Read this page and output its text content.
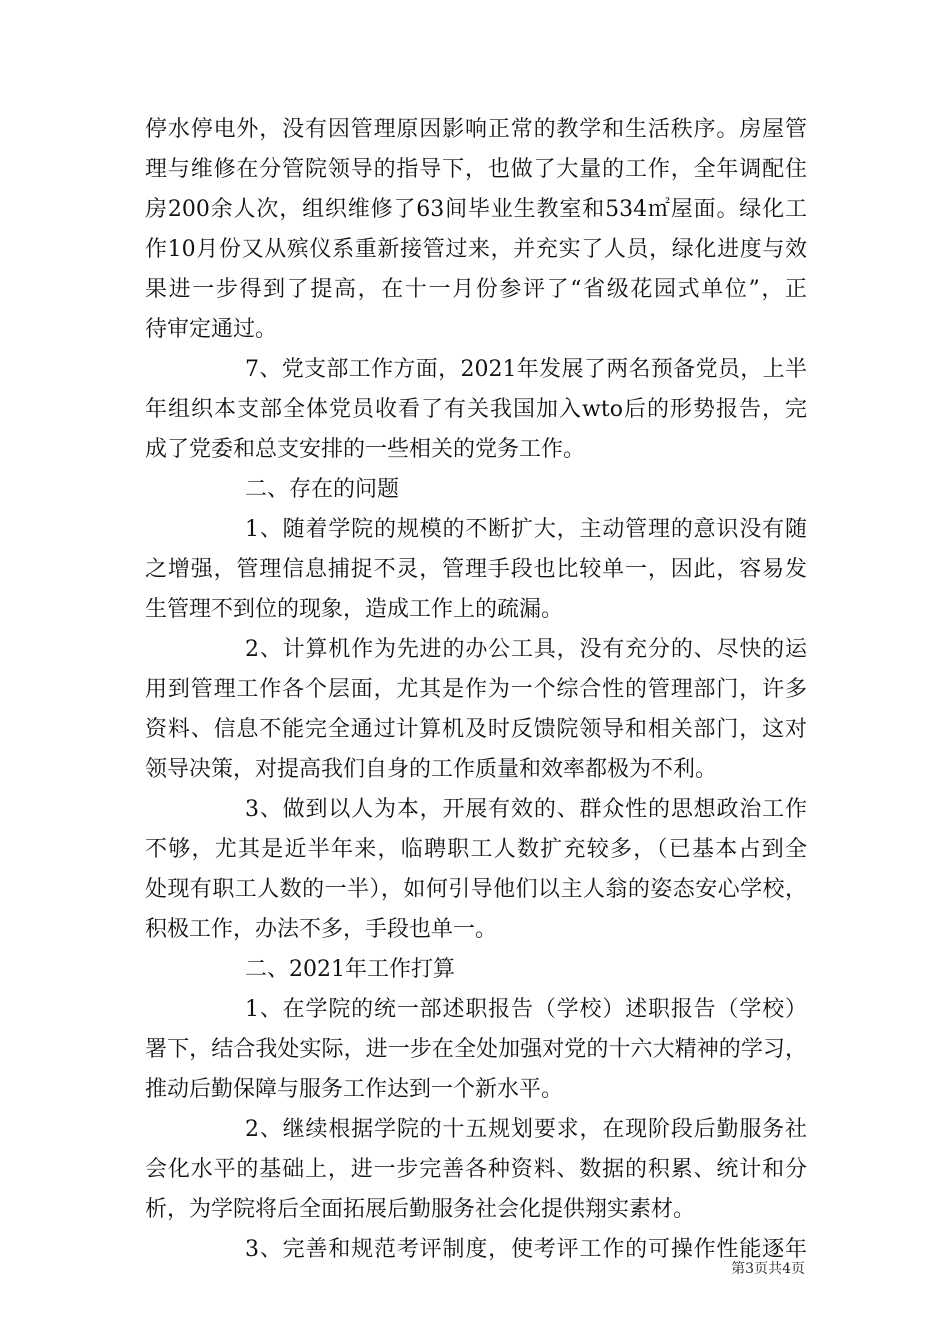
停水停电外，没有因管理原因影响正常的教学和生活秩序。房屋管
理与维修在分管院领导的指导下，也做了大量的工作，全年调配住
房200余人次，组织维修了63间毕业生教室和534㎡屋面。绿化工
作10月份又从殡仪系重新接管过来，并充实了人员，绿化进度与效
果进一步得到了提高，在十一月份参评了“省级花园式单位”，正
待审定通过。
7、党支部工作方面，2021年发展了两名预备党员，上半
年组织本支部全体党员收看了有关我国加入wto后的形势报告，完
成了党委和总支安排的一些相关的党务工作。
二、存在的问题
1、随着学院的规模的不断扩大，主动管理的意识没有随
之增强，管理信息捕捉不灵，管理手段也比较单一，因此，容易发
生管理不到位的现象，造成工作上的疏漏。
2、计算机作为先进的办公工具，没有充分的、尽快的运
用到管理工作各个层面，尤其是作为一个综合性的管理部门，许多
资料、信息不能完全通过计算机及时反馈院领导和相关部门，这对
领导决策，对提高我们自身的工作质量和效率都极为不利。
3、做到以人为本，开展有效的、群众性的思想政治工作
不够，尤其是近半年来，临聘职工人数扩充较多，（已基本占到全
处现有职工人数的一半），如何引导他们以主人翁的姿态安心学校，
积极工作，办法不多，手段也单一。
二、2021年工作打算
1、在学院的统一部述职报告（学校）述职报告（学校）
署下，结合我处实际，进一步在全处加强对党的十六大精神的学习，
推动后勤保障与服务工作达到一个新水平。
2、继续根据学院的十五规划要求，在现阶段后勤服务社
会化水平的基础上，进一步完善各种资料、数据的积累、统计和分
析，为学院将后全面拓展后勤服务社会化提供翔实素材。
3、完善和规范考评制度，使考评工作的可操作性能逐年
第3页共4页
